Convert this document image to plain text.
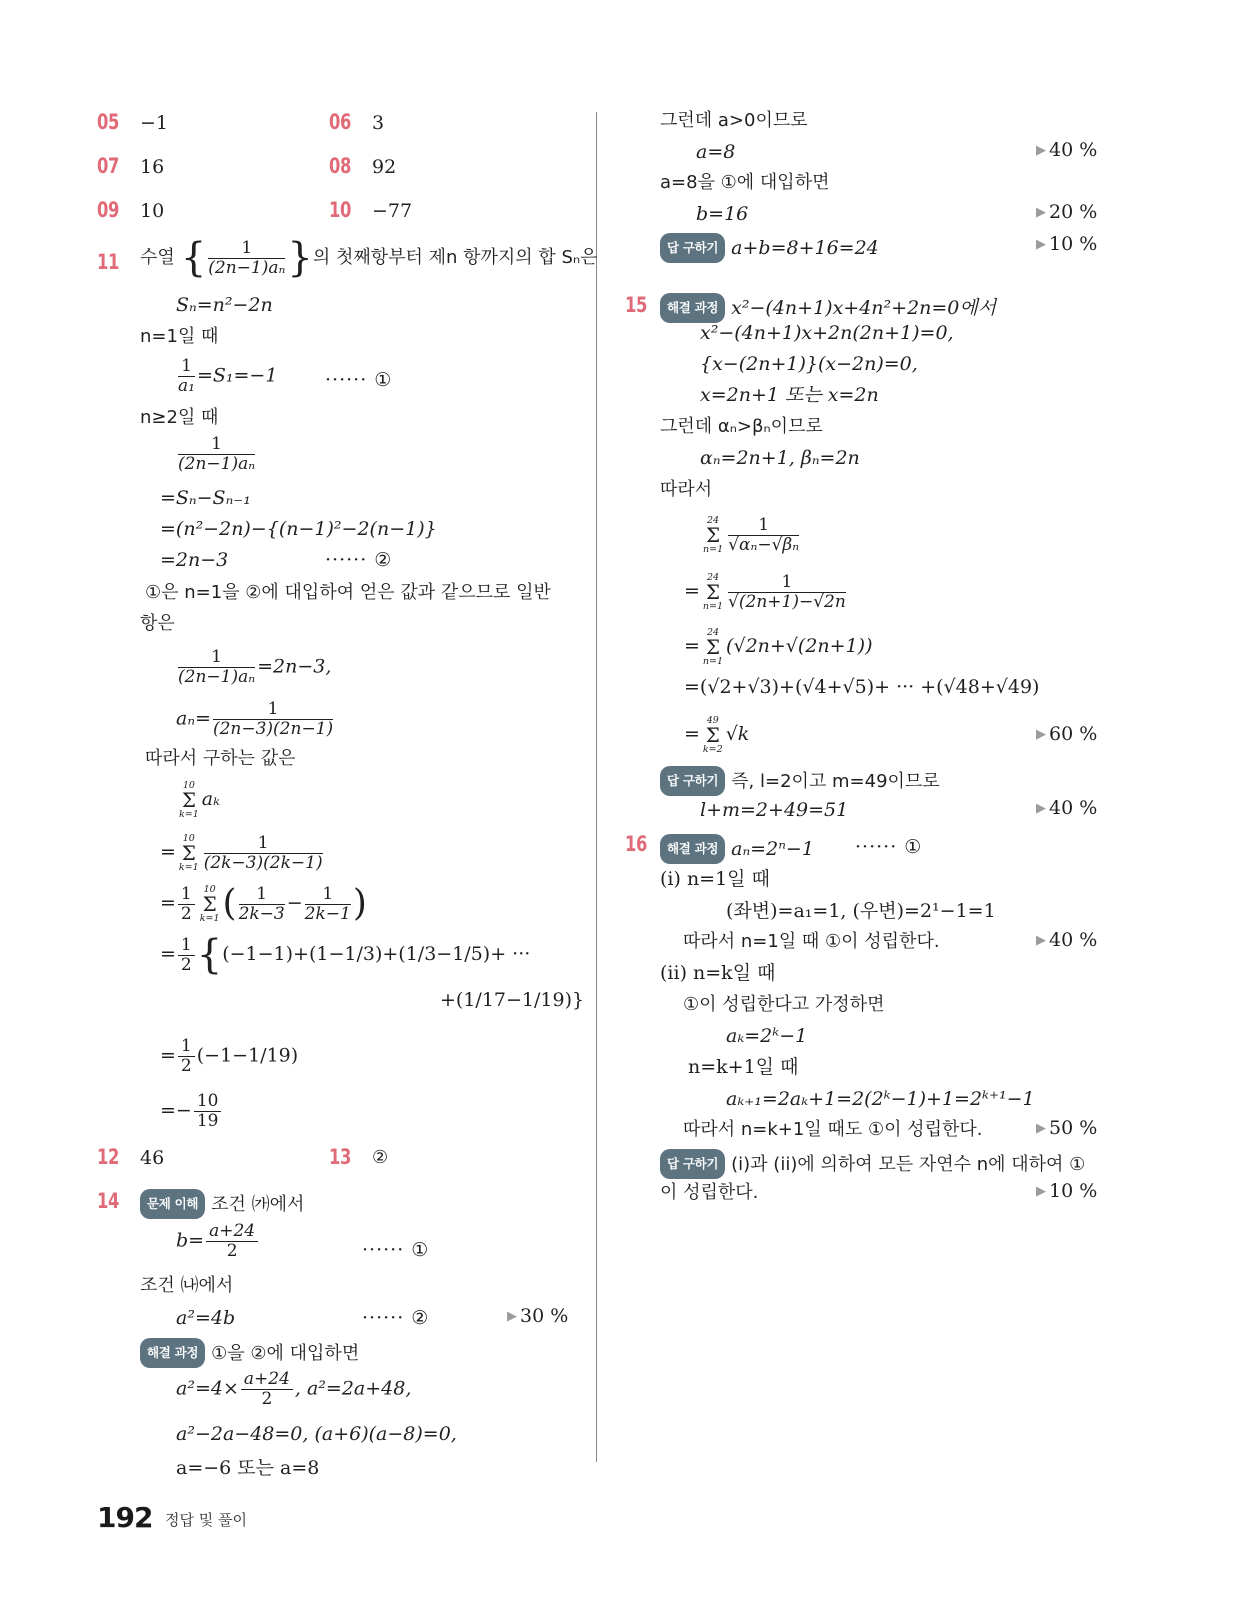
05 −1	06 3
07 16	08 92
09 10	10 −77
11 수열 { $\frac{1}{\text{(2n−1)aₙ}}$ }의 첫째항부터 제n 항까지의 합 Sₙ은
Sₙ=n²−2n
n=1일 때
$\frac{1}{\text{a₁}} =S_1=-1$	······ ①
n≥2일 때
$\frac{1}{\text{(2n−1)aₙ}}$
=Sₙ−Sₙ₋₁
=(n²−2n)−{(n−1)²−2(n−1)}
=2n−3	······ ②
①은 n=1을 ②에 대입하여 얻은 값과 같으므로 일반
항은
$\frac{1}{\text{(2n−1)aₙ}} =2n-3$,
$a_n= \frac{1}{(2n-3)(2n-1)}$
따라서 구하는 값은
10
Σ
k=1
aₖ
=
10
Σ
$k=1 \frac{1}{(2k-3)(2k-1)}$
= $\frac{1}{2} 10$
Σ
k=1 ( $\frac{1}{2k-3} - \frac{1}{2k-1}$ )
= $\frac{1}{2} \{(-1-1)+(1-1/3)+(1/3-1/5)+$ ···
+(1/17−1/19)}
= $\frac{1}{2} (-1-1/19)$
=− $\frac{10}{19}$
12 46	13 ②
14	문제 이해 조건 ㈎에서
$b= \frac{a+24}{2}$	······ ①
조건 ㈏에서
a²=4b	······ ②	▶ 30 %
해결 과정 ①을 ②에 대입하면
$a^2=4\times \frac{a+24}{2}$ , a²=2a+48,
a²−2a−48=0, (a+6)(a−8)=0,
a=−6 또는 a=8
그런데 a>0이므로
a=8	▶ 40 %
a=8을 ①에 대입하면
b=16	▶ 20 %
답 구하기 a+b=8+16=24	▶ 10 %
15	해결 과정 x²−(4n+1)x+4n²+2n=0에서
x²−(4n+1)x+2n(2n+1)=0,
{x−(2n+1)}(x−2n)=0,
x=2n+1 또는 x=2n
그런데 αₙ>βₙ이므로
αₙ=2n+1, βₙ=2n
따라서
24
Σ
$n=1 \frac{1}{\text{√αₙ−√βₙ}}$
=
24
Σ
$n=1 \frac{1}{√(2n+1)-√2n}$
=
24
Σ
n=1
(√2n+√(2n+1))
=(√2+√3)+(√4+√5)+ ··· +(√48+√49)
=
49
Σ
k=2
√k	▶ 60 %
답 구하기 즉, l=2이고 m=49이므로
l+m=2+49=51	▶ 40 %
16	해결 과정 aₙ=2ⁿ−1 ······ ①
(i) n=1일 때
(좌변)=a₁=1, (우변)=2¹−1=1
따라서 n=1일 때 ①이 성립한다.	▶ 40 %
(ii) n=k일 때
①이 성립한다고 가정하면
aₖ=2ᵏ−1
n=k+1일 때
aₖ₊₁=2aₖ+1=2(2ᵏ−1)+1=2ᵏ⁺¹−1
따라서 n=k+1일 때도 ①이 성립한다.	▶ 50 %
답 구하기 (i)과 (ii)에 의하여 모든 자연수 n에 대하여 ①
이 성립한다.	▶ 10 %
192 정답 및 풀이
